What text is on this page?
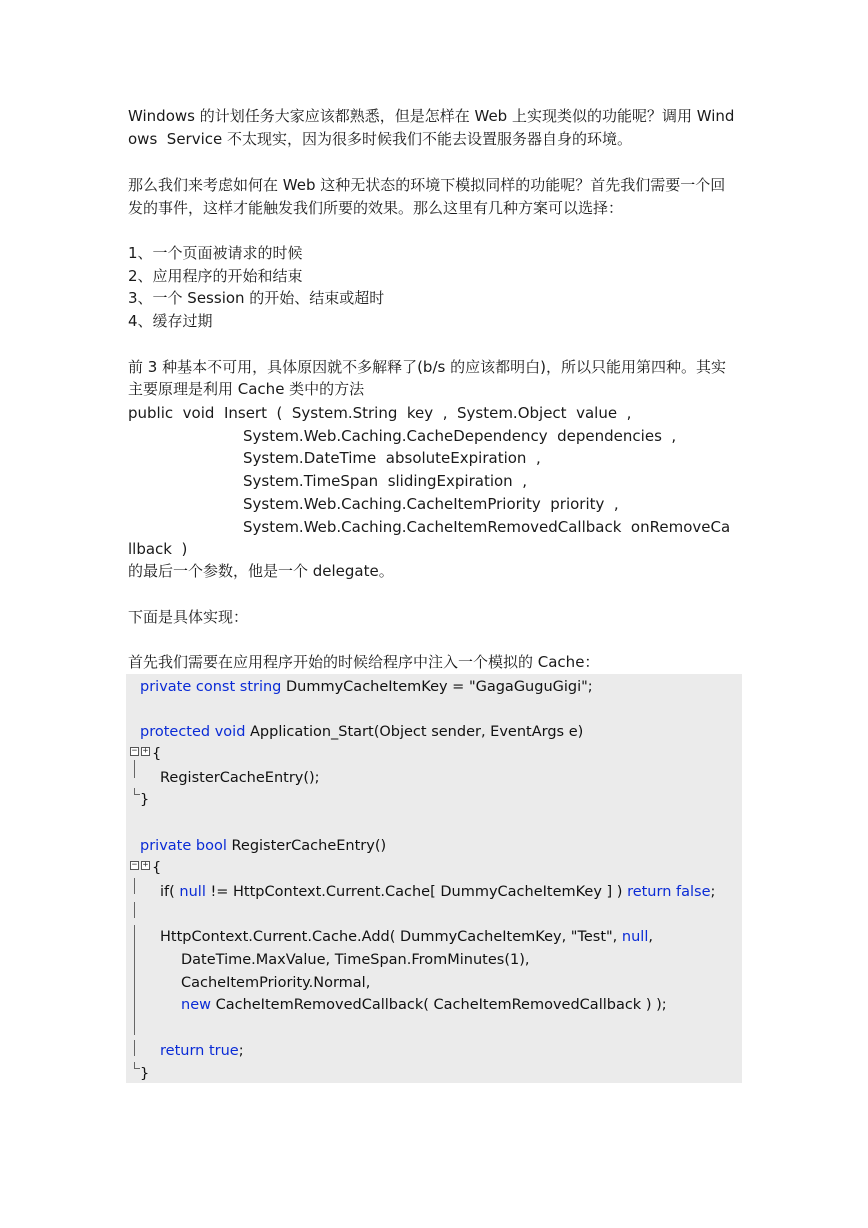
Windows 的计划任务大家应该都熟悉，但是怎样在 Web 上实现类似的功能呢？调用 Wind
ows  Service 不太现实，因为很多时候我们不能去设置服务器自身的环境。
那么我们来考虑如何在 Web 这种无状态的环境下模拟同样的功能呢？首先我们需要一个回
发的事件，这样才能触发我们所要的效果。那么这里有几种方案可以选择：
1、一个页面被请求的时候
2、应用程序的开始和结束
3、一个 Session 的开始、结束或超时
4、缓存过期
前 3 种基本不可用，具体原因就不多解释了(b/s 的应该都明白)，所以只能用第四种。其实
主要原理是利用 Cache 类中的方法
public  void  Insert  (  System.String  key  ,  System.Object  value  ,
System.Web.Caching.CacheDependency  dependencies  ,
System.DateTime  absoluteExpiration  ,
System.TimeSpan  slidingExpiration  ,
System.Web.Caching.CacheItemPriority  priority  ,
System.Web.Caching.CacheItemRemovedCallback  onRemoveCa
llback  )
的最后一个参数，他是一个 delegate。
下面是具体实现：
首先我们需要在应用程序开始的时候给程序中注入一个模拟的 Cache：
private const string DummyCacheItemKey = "GagaGuguGigi";
protected void Application_Start(Object sender, EventArgs e)
− + {
RegisterCacheEntry();
}
private bool RegisterCacheEntry()
− + {
if( null != HttpContext.Current.Cache[ DummyCacheItemKey ] ) return false;
HttpContext.Current.Cache.Add( DummyCacheItemKey, "Test", null,
DateTime.MaxValue, TimeSpan.FromMinutes(1),
CacheItemPriority.Normal,
new CacheItemRemovedCallback( CacheItemRemovedCallback ) );
return true;
}
